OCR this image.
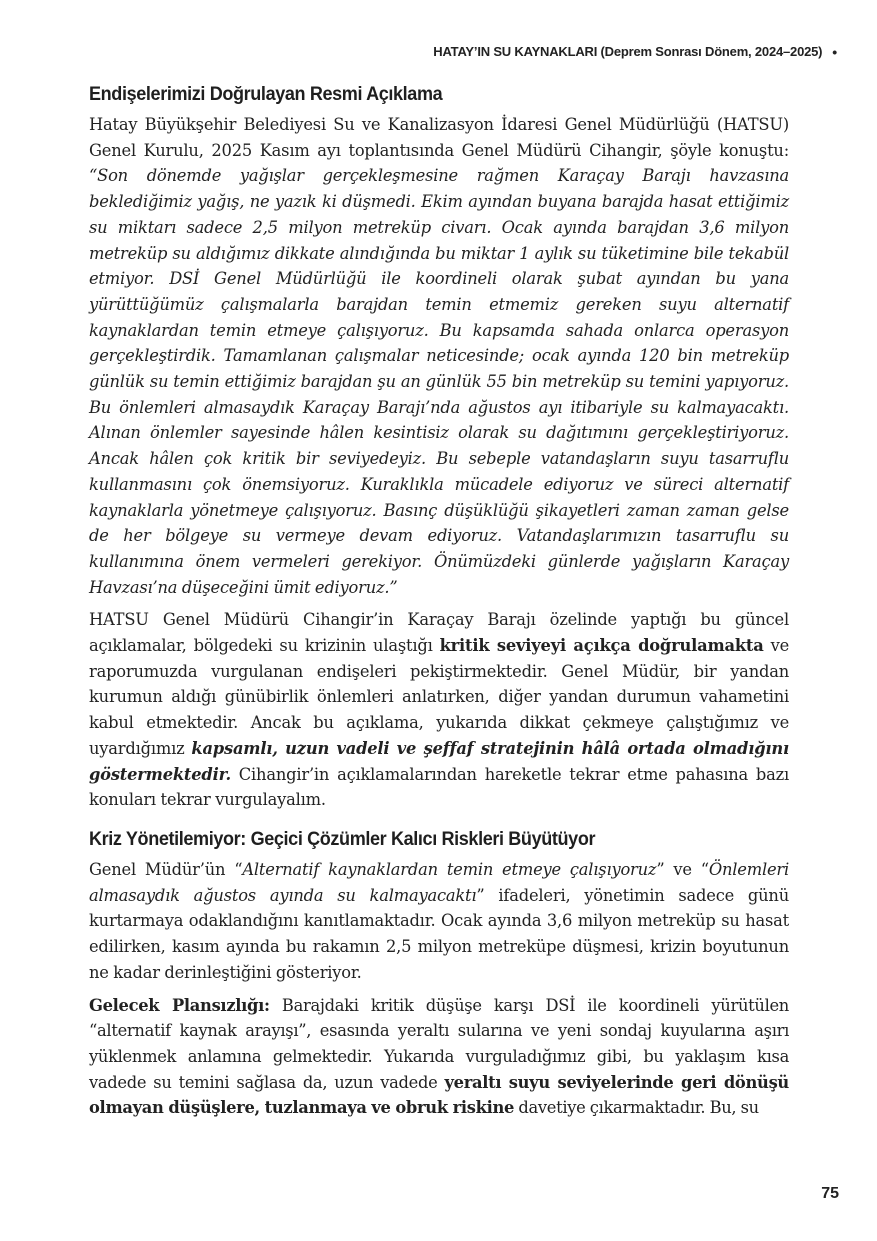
HATAY’IN SU KAYNAKLARI (Deprem Sonrası Dönem, 2024–2025) •
Endişelerimizi Doğrulayan Resmi Açıklama

Hatay Büyükşehir Belediyesi Su ve Kanalizasyon İdaresi Genel Müdürlüğü (HATSU) Genel Kurulu, 2025 Kasım ayı toplantısında Genel Müdürü Cihangir, şöyle konuştu: “Son dönemde yağışlar gerçekleşmesine rağmen Karaçay Barajı havzasına beklediğimiz yağış, ne yazık ki düşmedi. Ekim ayından buyana barajda hasat ettiğimiz su miktarı sadece 2,5 milyon metreküp civarı. Ocak ayında barajdan 3,6 milyon metreküp su aldığımız dikkate alındığında bu miktar 1 aylık su tüketimine bile tekabül etmiyor. DSİ Genel Müdürlüğü ile koordineli olarak şubat ayından bu yana yürüttüğümüz çalışmalarla barajdan temin etmemiz gereken suyu alternatif kaynaklardan temin etmeye çalışıyoruz. Bu kapsamda sahada onlarca operasyon gerçekleştirdik. Tamamlanan çalışmalar neticesinde; ocak ayında 120 bin metreküp günlük su temin ettiğimiz barajdan şu an günlük 55 bin metreküp su temini yapıyoruz. Bu önlemleri almasaydık Karaçay Barajı’nda ağustos ayı itibariyle su kalmayacaktı. Alınan önlemler sayesinde hâlen kesintisiz olarak su dağıtımını gerçekleştiriyoruz. Ancak hâlen çok kritik bir seviyedeyiz. Bu sebeple vatandaşların suyu tasarruflu kullanmasını çok önemsiyoruz. Kuraklıkla mücadele ediyoruz ve süreci alternatif kaynaklarla yönetmeye çalışıyoruz. Basınç düşüklüğü şikayetleri zaman zaman gelse de her bölgeye su vermeye devam ediyoruz. Vatandaşlarımızın tasarruflu su kullanımına önem vermeleri gerekiyor. Önümüzdeki günlerde yağışların Karaçay Havzası’na düşeceğini ümit ediyoruz.”

HATSU Genel Müdürü Cihangir’in Karaçay Barajı özelinde yaptığı bu güncel açıklamalar, bölgedeki su krizinin ulaştığı kritik seviyeyi açıkça doğrulamakta ve raporumuzda vurgulanan endişeleri pekiştirmektedir. Genel Müdür, bir yandan kurumun aldığı günübirlik önlemleri anlatırken, diğer yandan durumun vahametini kabul etmektedir. Ancak bu açıklama, yukarıda dikkat çekmeye çalıştığımız ve uyardığımız kapsamlı, uzun vadeli ve şeffaf stratejinin hâlâ ortada olmadığını göstermektedir. Cihangir’in açıklamalarından hareketle tekrar etme pahasına bazı konuları tekrar vurgulayalım.

Kriz Yönetilemiyor: Geçici Çözümler Kalıcı Riskleri Büyütüyor

Genel Müdür’ün “Alternatif kaynaklardan temin etmeye çalışıyoruz” ve “Önlemleri almasaydık ağustos ayında su kalmayacaktı” ifadeleri, yönetimin sadece günü kurtarmaya odaklandığını kanıtlamaktadır. Ocak ayında 3,6 milyon metreküp su hasat edilirken, kasım ayında bu rakamın 2,5 milyon metreküpe düşmesi, krizin boyutunun ne kadar derinleştiğini gösteriyor.

Gelecek Plansızlığı: Barajdaki kritik düşüşe karşı DSİ ile koordineli yürütülen “alternatif kaynak arayışı”, esasında yeraltı sularına ve yeni sondaj kuyularına aşırı yüklenmek anlamına gelmektedir. Yukarıda vurguladığımız gibi, bu yaklaşım kısa vadede su temini sağlasa da, uzun vadede yeraltı suyu seviyelerinde geri dönüşü olmayan düşüşlere, tuzlanmaya ve obruk riskine davetiye çıkarmaktadır. Bu, su

75
